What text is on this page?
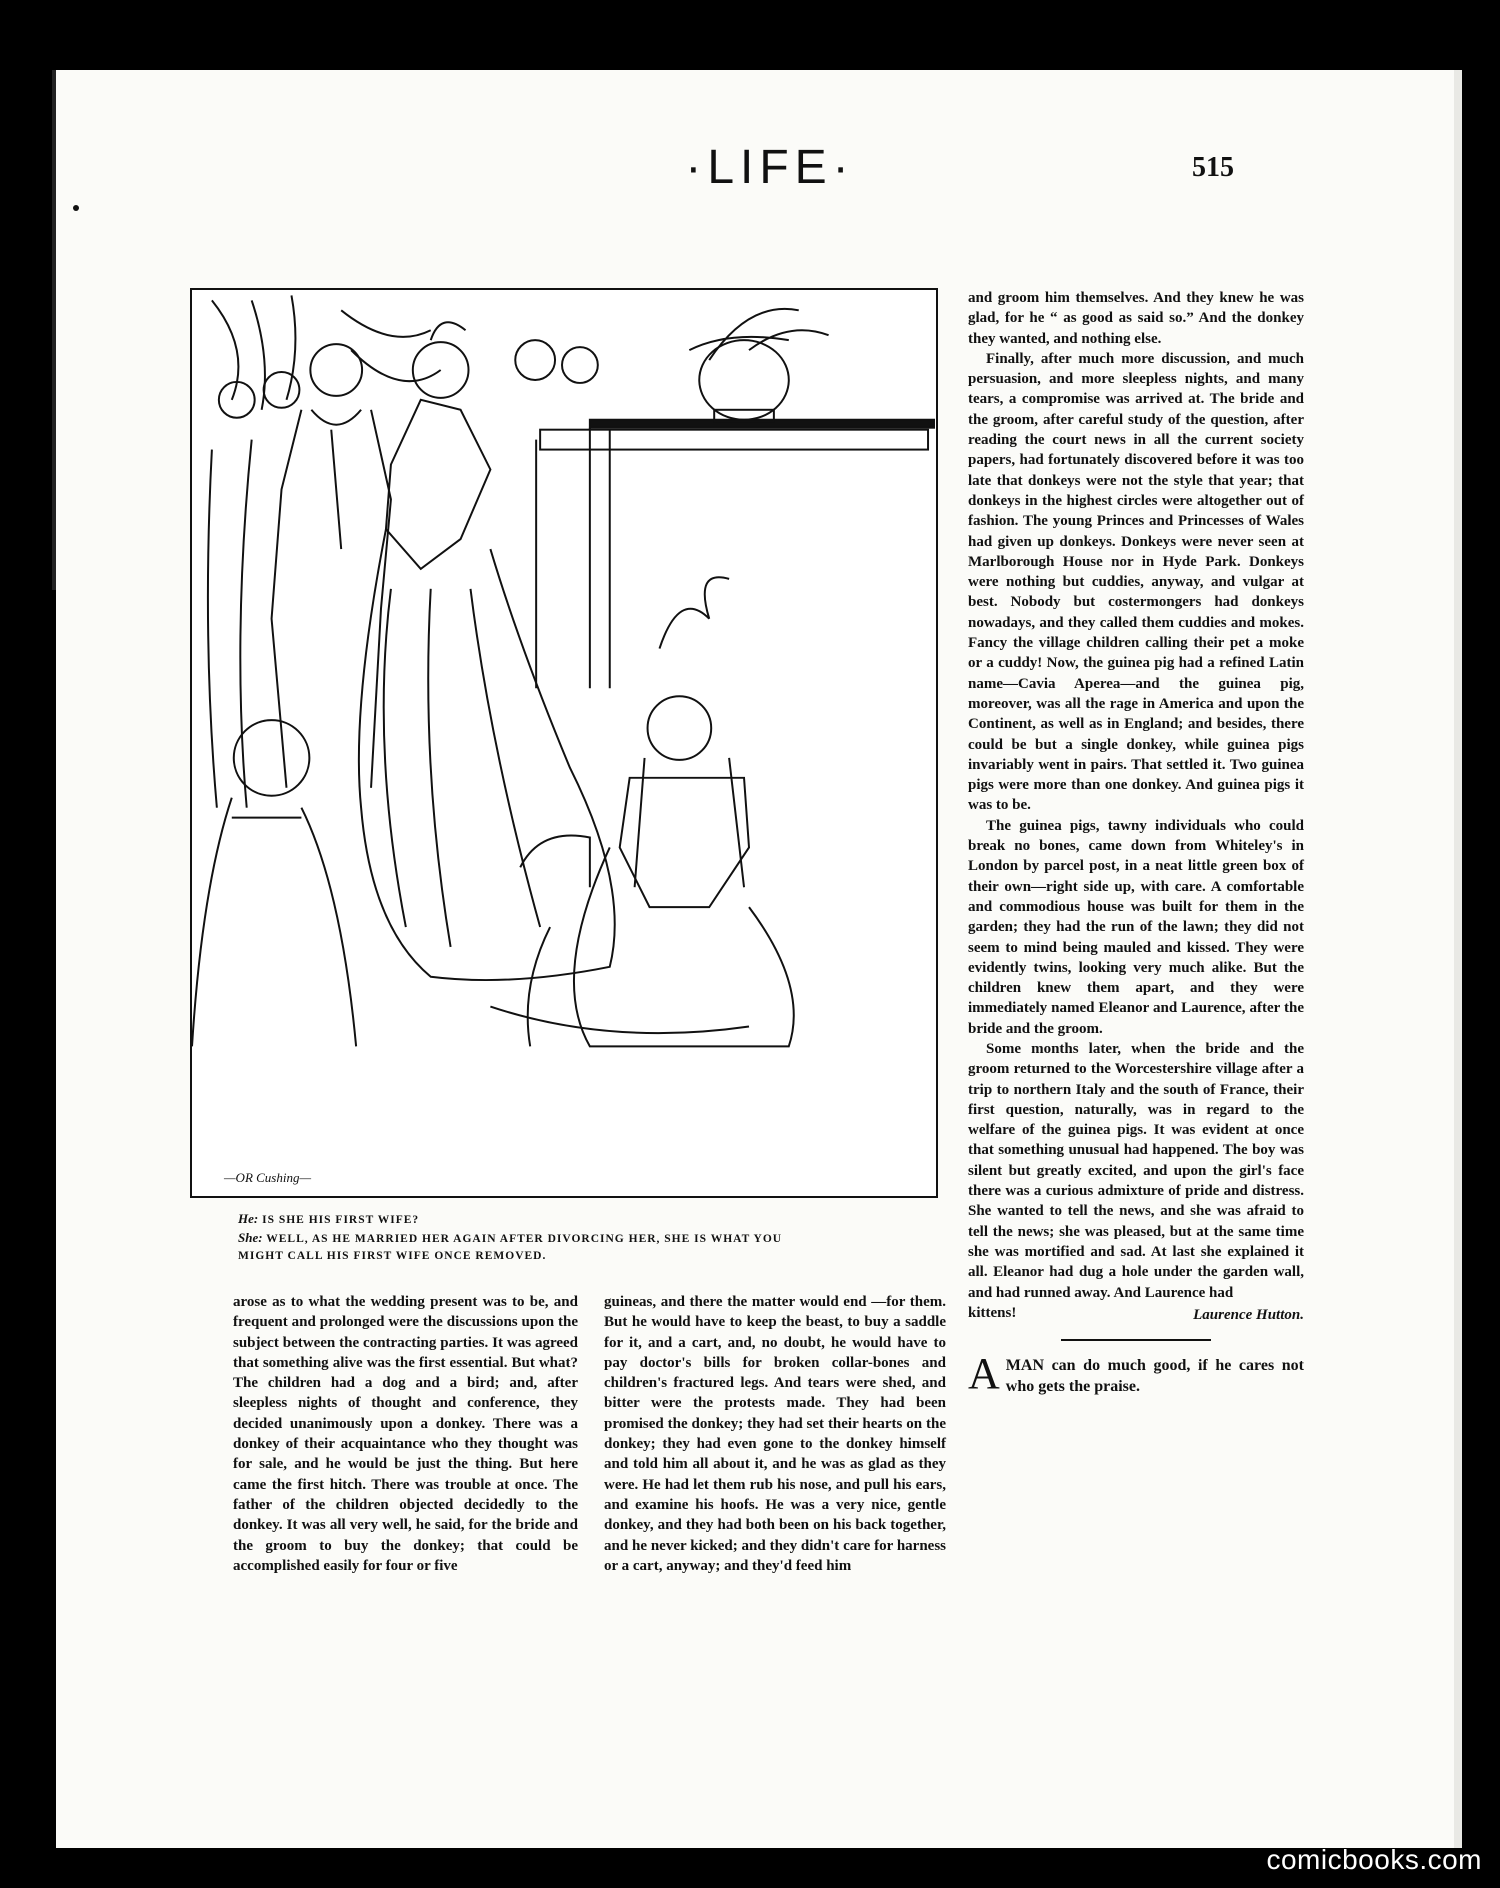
·LIFE·	515
—OR Cushing—
He: IS SHE HIS FIRST WIFE?
She: WELL, AS HE MARRIED HER AGAIN AFTER DIVORCING HER, SHE IS WHAT YOU
MIGHT CALL HIS FIRST WIFE ONCE REMOVED.

arose as to what the wedding present was to be, and frequent and prolonged were the discussions upon the subject between the contracting parties. It was agreed that something alive was the first essential. But what? The children had a dog and a bird; and, after sleepless nights of thought and conference, they decided unanimously upon a donkey. There was a donkey of their acquaintance who they thought was for sale, and he would be just the thing. But here came the first hitch. There was trouble at once. The father of the children objected decidedly to the donkey. It was all very well, he said, for the bride and the groom to buy the donkey; that could be accomplished easily for four or five

guineas, and there the matter would end —for them. But he would have to keep the beast, to buy a saddle for it, and a cart, and, no doubt, he would have to pay doctor's bills for broken collar-bones and children's fractured legs. And tears were shed, and bitter were the protests made. They had been promised the donkey; they had set their hearts on the donkey; they had even gone to the donkey himself and told him all about it, and he was as glad as they were. He had let them rub his nose, and pull his ears, and examine his hoofs. He was a very nice, gentle donkey, and they had both been on his back together, and he never kicked; and they didn't care for harness or a cart, anyway; and they'd feed him

and groom him themselves. And they knew he was glad, for he “ as good as said so.” And the donkey they wanted, and nothing else.

Finally, after much more discussion, and much persuasion, and more sleepless nights, and many tears, a compromise was arrived at. The bride and the groom, after careful study of the question, after reading the court news in all the current society papers, had fortunately discovered before it was too late that donkeys were not the style that year; that donkeys in the highest circles were altogether out of fashion. The young Princes and Princesses of Wales had given up donkeys. Donkeys were never seen at Marlborough House nor in Hyde Park. Donkeys were nothing but cuddies, anyway, and vulgar at best. Nobody but costermongers had donkeys nowadays, and they called them cuddies and mokes. Fancy the village children calling their pet a moke or a cuddy! Now, the guinea pig had a refined Latin name—Cavia Aperea—and the guinea pig, moreover, was all the rage in America and upon the Continent, as well as in England; and besides, there could be but a single donkey, while guinea pigs invariably went in pairs. That settled it. Two guinea pigs were more than one donkey. And guinea pigs it was to be.

The guinea pigs, tawny individuals who could break no bones, came down from Whiteley's in London by parcel post, in a neat little green box of their own—right side up, with care. A comfortable and commodious house was built for them in the garden; they had the run of the lawn; they did not seem to mind being mauled and kissed. They were evidently twins, looking very much alike. But the children knew them apart, and they were immediately named Eleanor and Laurence, after the bride and the groom.

Some months later, when the bride and the groom returned to the Worcestershire village after a trip to northern Italy and the south of France, their first question, naturally, was in regard to the welfare of the guinea pigs. It was evident at once that something unusual had happened. The boy was silent but greatly excited, and upon the girl's face there was a curious admixture of pride and distress. She wanted to tell the news, and she was afraid to tell the news; she was pleased, but at the same time she was mortified and sad. At last she explained it all. Eleanor had dug a hole under the garden wall, and had runned away. And Laurence had

kittens!	Laurence Hutton.
A MAN can do much good, if he cares not who gets the praise.
comicbooks.com
